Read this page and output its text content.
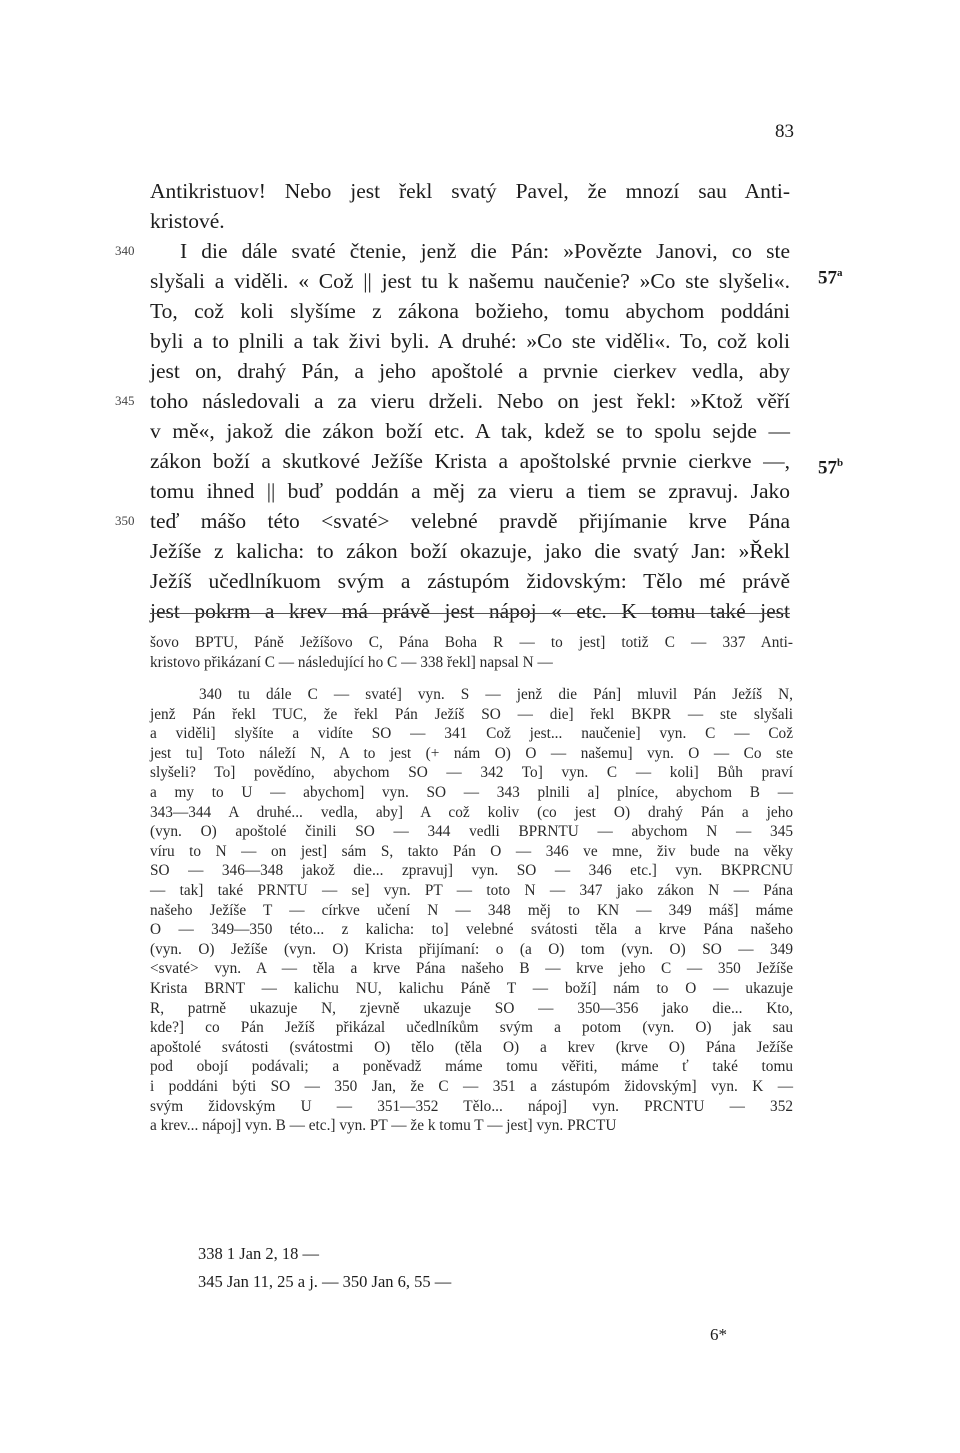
83
Antikristuov! Nebo jest řekl svatý Pavel, že mnozí sau Anti-
kristové.
I die dále svaté čtenie, jenž die Pán: »Povězte Janovi, co ste
slyšali a viděli. « Což || jest tu k našemu naučenie? »Co ste slyšeli«.
To, což koli slyšíme z zákona božieho, tomu abychom poddáni
byli a to plnili a tak živi byli. A druhé: »Co ste viděli«. To, což koli
jest on, drahý Pán, a jeho apoštolé a prvnie cierkev vedla, aby
toho následovali a za vieru drželi. Nebo on jest řekl: »Ktož věří
v mě«, jakož die zákon boží etc. A tak, kdež se to spolu sejde —
zákon boží a skutkové Ježíše Krista a apoštolské prvnie cierkve —,
tomu ihned || buď poddán a měj za vieru a tiem se zpravuj. Jako
teď mášo této <svaté> velebné pravdě přijímanie krve Pána
Ježíše z kalicha: to zákon boží okazuje, jako die svatý Jan: »Řekl
Ježíš učedlníkuom svým a zástupóm židovským: Tělo mé právě
jest pokrm a krev má právě jest nápoj « etc. K tomu také jest
340
345
350
57$^a$
57$^b$
šovo BPTU, Páně Ježíšovo C, Pána Boha R — to jest] totiž C — 337 Anti-
kristovo přikázaní C — následující ho C — 338 řekl] napsal N —
340 tu dále C — svaté] vyn. S — jenž die Pán] mluvil Pán Ježíš N,
jenž Pán řekl TUC, že řekl Pán Ježíš SO — die] řekl BKPR — ste slyšali
a viděli] slyšíte a vidíte SO — 341 Což jest... naučenie] vyn. C — Což
jest tu] Toto náleží N, A to jest (+ nám O) O — našemu] vyn. O — Co ste
slyšeli? To] povědíno, abychom SO — 342 To] vyn. C — koli] Bůh praví
a my to U — abychom] vyn. SO — 343 plnili a] plníce, abychom B —
343—344 A druhé... vedla, aby] A což koliv (co jest O) drahý Pán a jeho
(vyn. O) apoštolé činili SO — 344 vedli BPRNTU — abychom N — 345
víru to N — on jest] sám S, takto Pán O — 346 ve mne, živ bude na věky
SO — 346—348 jakož die... zpravuj] vyn. SO — 346 etc.] vyn. BKPRCNU
— tak] také PRNTU — se] vyn. PT — toto N — 347 jako zákon N — Pána
našeho Ježíše T — církve učení N — 348 měj to KN — 349 máš] máme
O — 349—350 této... z kalicha: to] velebné svátosti těla a krve Pána našeho
(vyn. O) Ježíše (vyn. O) Krista přijímaní: o (a O) tom (vyn. O) SO — 349
<svaté> vyn. A — těla a krve Pána našeho B — krve jeho C — 350 Ježíše
Krista BRNT — kalichu NU, kalichu Páně T — boží] nám to O — ukazuje
R, patrně ukazuje N, zjevně ukazuje SO — 350—356 jako die... Kto,
kde?] co Pán Ježíš přikázal učedlníkům svým a potom (vyn. O) jak sau
apoštolé svátosti (svátostmi O) tělo (těla O) a krev (krve O) Pána Ježíše
pod obojí podávali; a poněvadž máme tomu věřiti, máme ť také tomu
i poddáni býti SO — 350 Jan, že C — 351 a zástupóm židovským] vyn. K —
svým židovským U — 351—352 Tělo... nápoj] vyn. PRCNTU — 352
a krev... nápoj] vyn. B — etc.] vyn. PT — že k tomu T — jest] vyn. PRCTU
338 1 Jan 2, 18 —
345 Jan 11, 25 a j. — 350 Jan 6, 55 —
6*
